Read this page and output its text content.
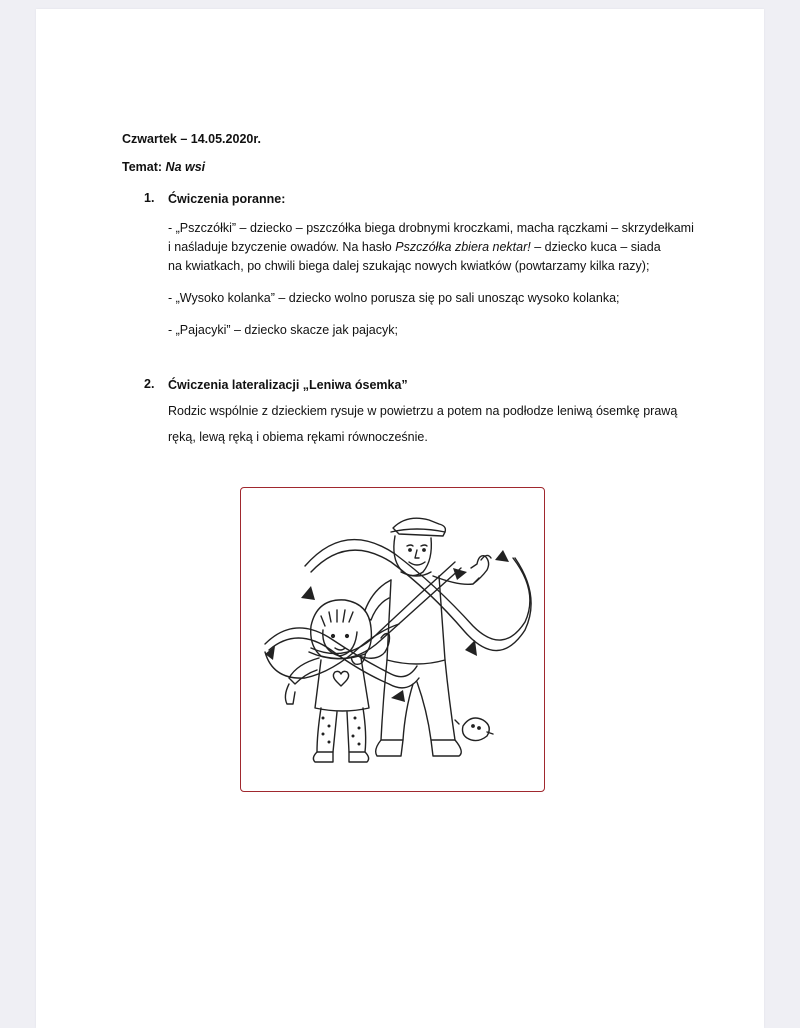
Czwartek – 14.05.2020r.
Temat: Na wsi
1. Ćwiczenia poranne:
- „Pszczółki” – dziecko – pszczółka biega drobnymi kroczkami, macha rączkami – skrzydełkami
i naśladuje bzyczenie owadów. Na hasło Pszczółka zbiera nektar! – dziecko kuca – siada
na kwiatkach, po chwili biega dalej szukając nowych kwiatków (powtarzamy kilka razy);
- „Wysoko kolanka” – dziecko wolno porusza się po sali unosząc wysoko kolanka;
- „Pajacyki” – dziecko skacze jak pajacyk;
2. Ćwiczenia lateralizacji „Leniwa ósemka”
Rodzic wspólnie z dzieckiem rysuje w powietrzu a potem na podłodze leniwą ósemkę prawą
ręką, lewą ręką i obiema rękami równocześnie.
